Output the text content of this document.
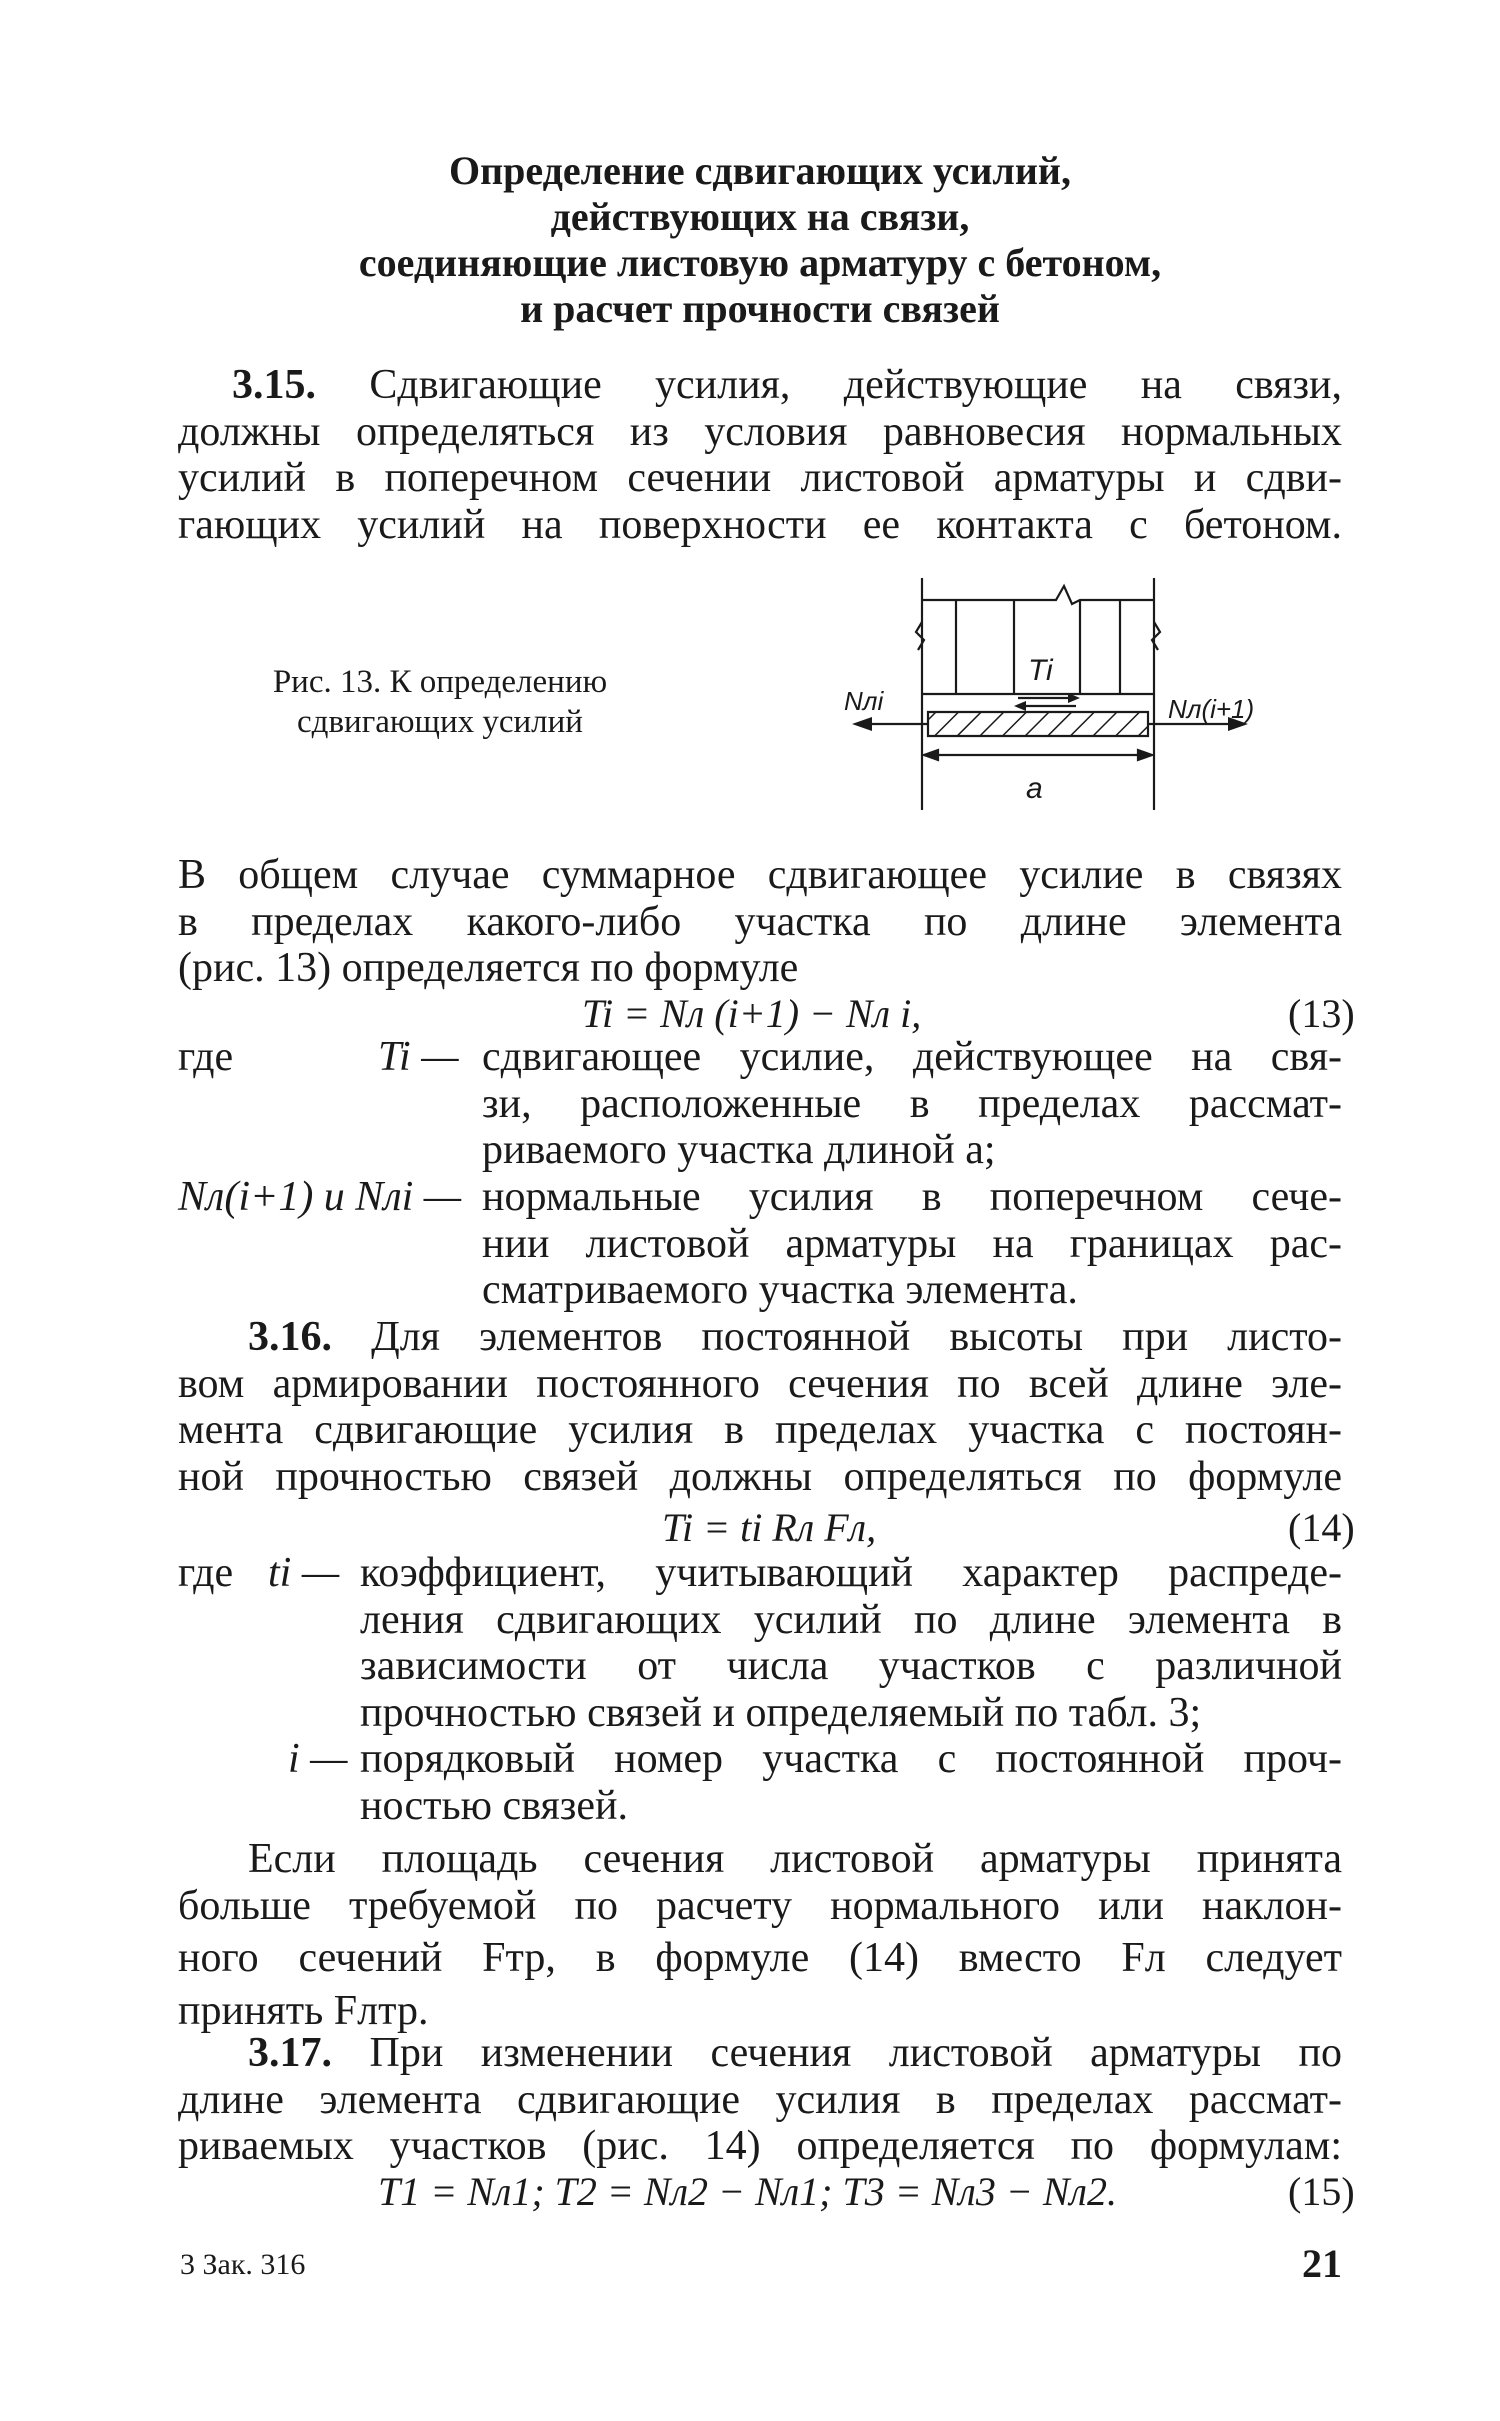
Определение сдвигающих усилий,
действующих на связи,
соединяющие листовую арматуру с бетоном,
и расчет прочности связей
3.15. Сдвигающие усилия, действующие на связи,
должны определяться из условия равновесия нормальных
усилий в поперечном сечении листовой арматуры и сдви-
гающих усилий на поверхности ее контакта с бетоном.
Рис. 13. К определению
сдвигающих усилий
Ti
Nлi	Nл(i+1)
a
В общем случае суммарное сдвигающее усилие в связях
в пределах какого-либо участка по длине элемента
(рис. 13) определяется по формуле
Ti = Nл (i+1) − Nл i,	(13)
где	Ti — сдвигающее усилие, действующее на свя-
зи, расположенные в пределах рассмат-
риваемого участка длиной a;
Nл(i+1) и Nлi — нормальные усилия в поперечном сече-
нии листовой арматуры на границах рас-
сматриваемого участка элемента.
3.16. Для элементов постоянной высоты при листо-
вом армировании постоянного сечения по всей длине эле-
мента сдвигающие усилия в пределах участка с постоян-
ной прочностью связей должны определяться по формуле
Ti = ti Rл Fл,	(14)
где ti — коэффициент, учитывающий характер распреде-
ления сдвигающих усилий по длине элемента в
зависимости от числа участков с различной
прочностью связей и определяемый по табл. 3;
i — порядковый номер участка с постоянной проч-
ностью связей.
Если площадь сечения листовой арматуры принята
больше требуемой по расчету нормального или наклон-
ного сечений Fтр, в формуле (14) вместо Fл следует
принять Fлтр.
3.17. При изменении сечения листовой арматуры по
длине элемента сдвигающие усилия в пределах рассмат-
риваемых участков (рис. 14) определяется по формулам:
T1 = Nл1; T2 = Nл2 − Nл1; T3 = Nл3 − Nл2.	(15)
3 Зак. 316	21
